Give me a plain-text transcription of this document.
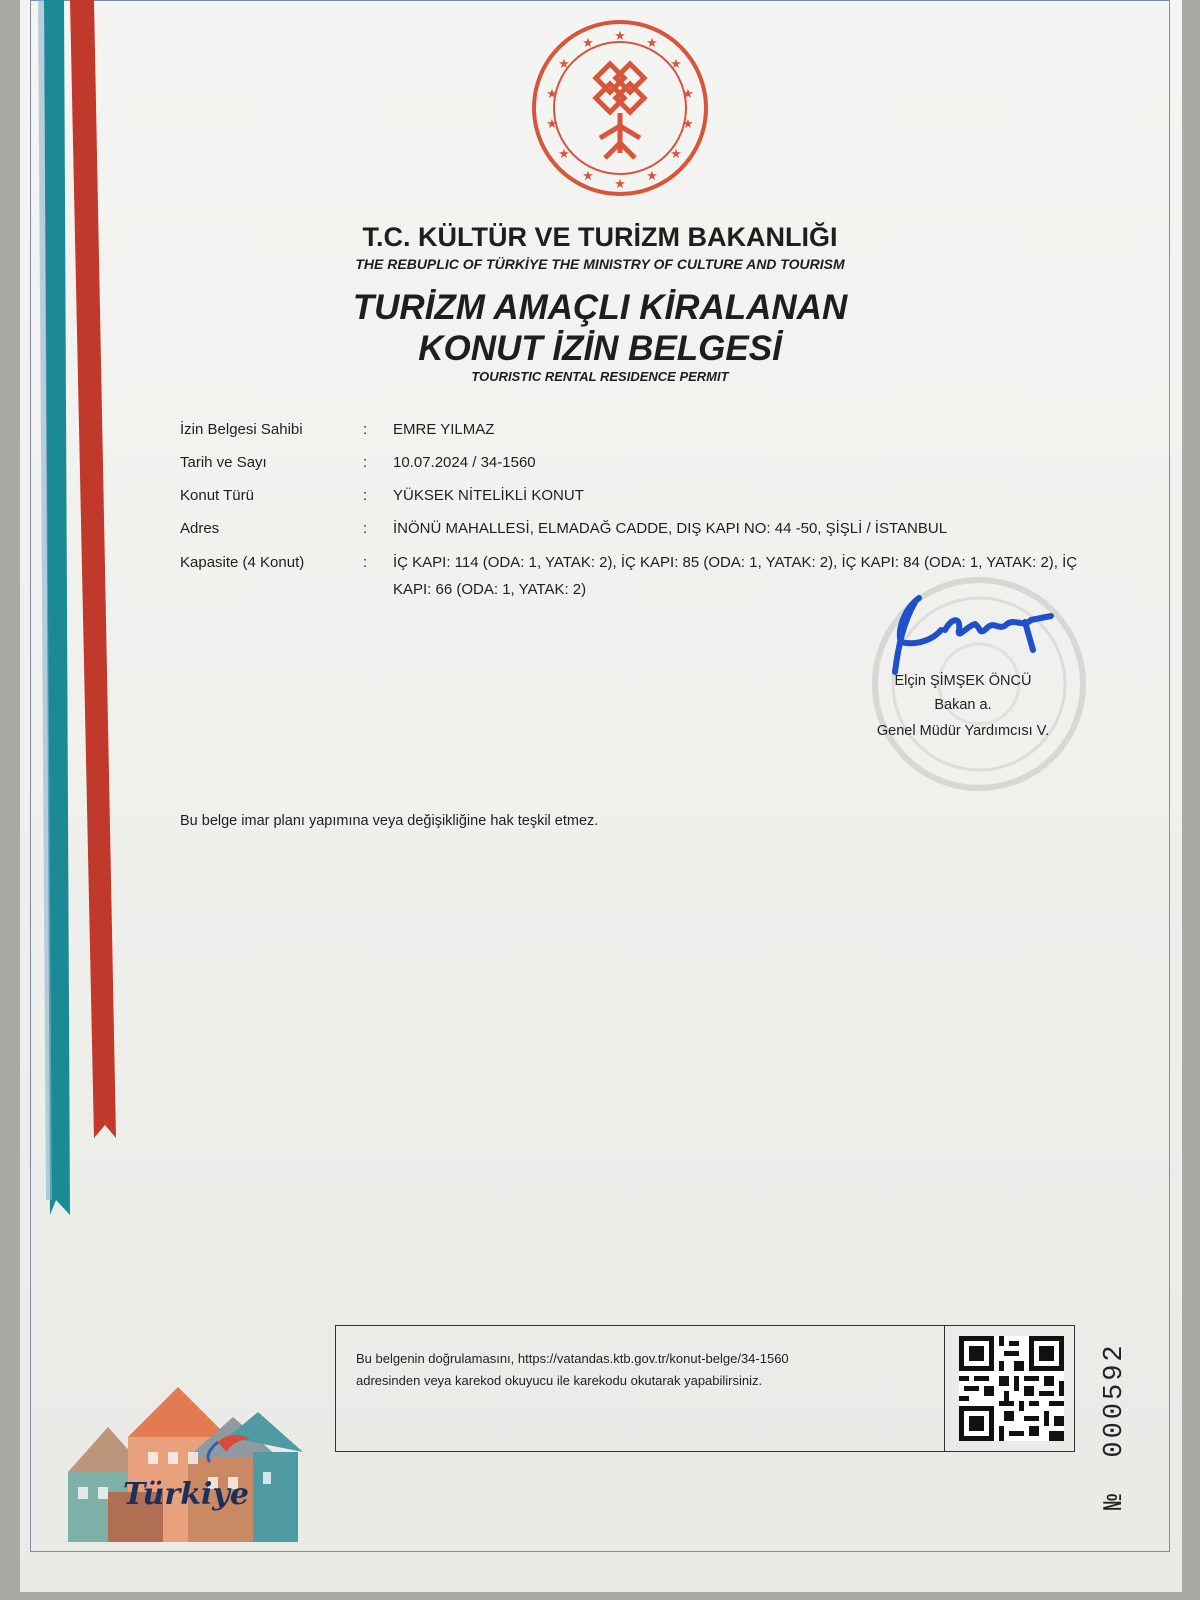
★ ★
★
★
★
★
★
★
★
★
★
★
★
★
T.C. KÜLTÜR VE TURİZM BAKANLIĞI
THE REBUPLIC OF TÜRKİYE THE MINISTRY OF CULTURE AND TOURISM
TURİZM AMAÇLI KİRALANAN
KONUT İZİN BELGESİ
TOURISTIC RENTAL RESIDENCE PERMIT
İzin Belgesi Sahibi	: EMRE YILMAZ
Tarih ve Sayı	: 10.07.2024 / 34-1560
Konut Türü	: YÜKSEK NİTELİKLİ KONUT
Adres	: İNÖNÜ MAHALLESİ, ELMADAĞ CADDE, DIŞ KAPI NO: 44 -50, ŞİŞLİ / İSTANBUL
Kapasite (4 Konut)	: İÇ KAPI: 114 (ODA: 1, YATAK: 2), İÇ KAPI: 85 (ODA: 1, YATAK: 2), İÇ KAPI: 84 (ODA: 1, YATAK: 2), İÇ KAPI: 66 (ODA: 1, YATAK: 2)
Elçin ŞİMŞEK ÖNCÜ
Bakan a.
Genel Müdür Yardımcısı V.
Bu belge imar planı yapımına veya değişikliğine hak teşkil etmez.
Bu belgenin doğrulamasını, https://vatandas.ktb.gov.tr/konut-belge/34-1560
adresinden veya karekod okuyucu ile karekodu okutarak yapabilirsiniz.
Türkiye	№ 000592
